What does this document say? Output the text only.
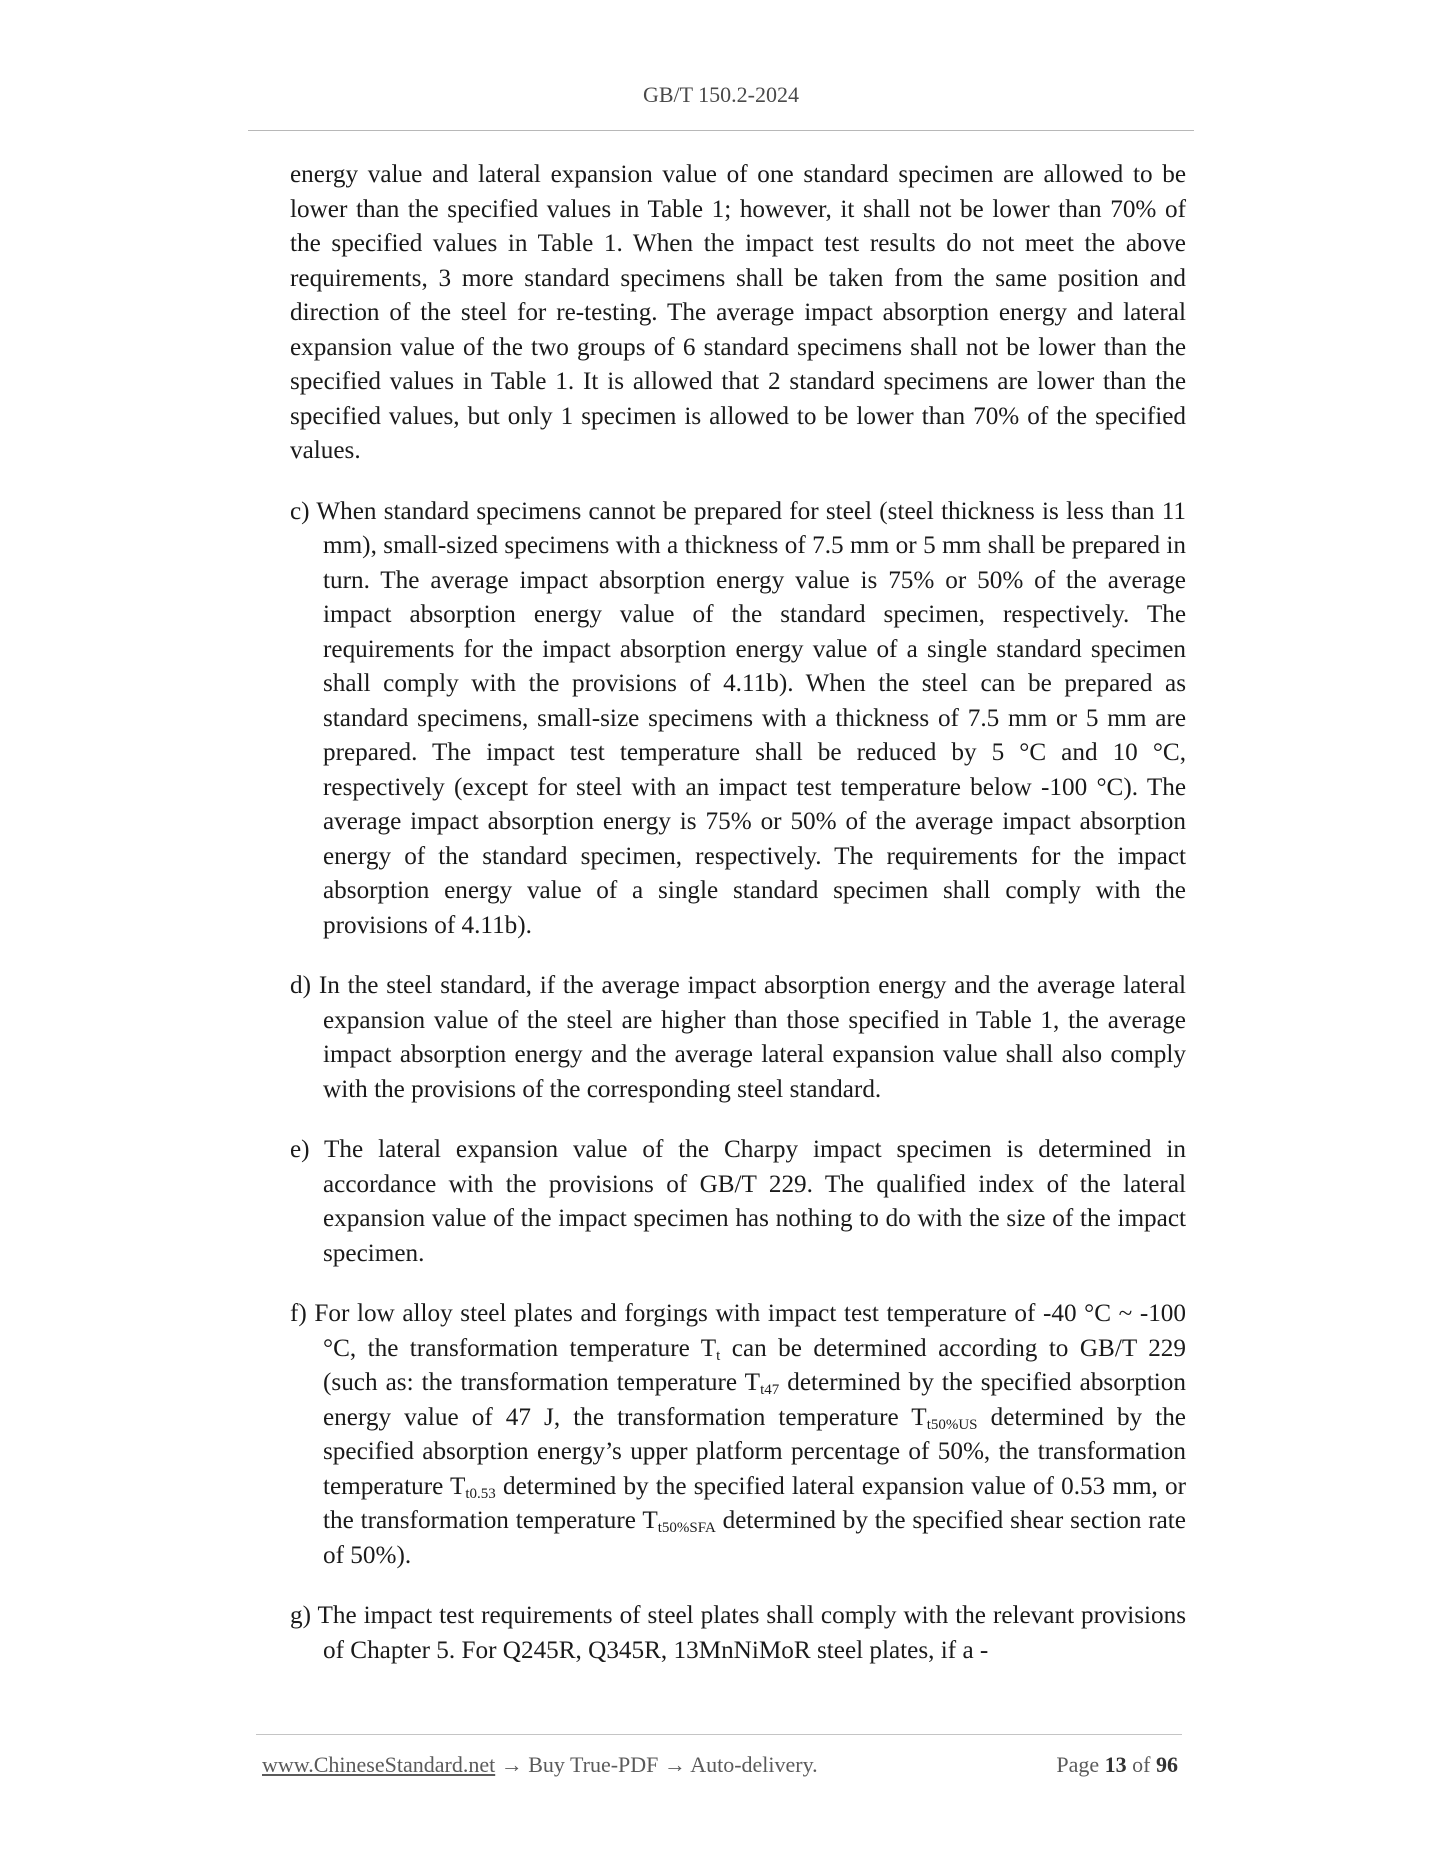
GB/T 150.2-2024

energy value and lateral expansion value of one standard specimen are allowed to be lower than the specified values in Table 1; however, it shall not be lower than 70% of the specified values in Table 1. When the impact test results do not meet the above requirements, 3 more standard specimens shall be taken from the same position and direction of the steel for re-testing. The average impact absorption energy and lateral expansion value of the two groups of 6 standard specimens shall not be lower than the specified values in Table 1. It is allowed that 2 standard specimens are lower than the specified values, but only 1 specimen is allowed to be lower than 70% of the specified values.

c) When standard specimens cannot be prepared for steel (steel thickness is less than 11 mm), small-sized specimens with a thickness of 7.5 mm or 5 mm shall be prepared in turn. The average impact absorption energy value is 75% or 50% of the average impact absorption energy value of the standard specimen, respectively. The requirements for the impact absorption energy value of a single standard specimen shall comply with the provisions of 4.11b). When the steel can be prepared as standard specimens, small-size specimens with a thickness of 7.5 mm or 5 mm are prepared. The impact test temperature shall be reduced by 5 °C and 10 °C, respectively (except for steel with an impact test temperature below -100 °C). The average impact absorption energy is 75% or 50% of the average impact absorption energy of the standard specimen, respectively. The requirements for the impact absorption energy value of a single standard specimen shall comply with the provisions of 4.11b).

d) In the steel standard, if the average impact absorption energy and the average lateral expansion value of the steel are higher than those specified in Table 1, the average impact absorption energy and the average lateral expansion value shall also comply with the provisions of the corresponding steel standard.

e) The lateral expansion value of the Charpy impact specimen is determined in accordance with the provisions of GB/T 229. The qualified index of the lateral expansion value of the impact specimen has nothing to do with the size of the impact specimen.

f) For low alloy steel plates and forgings with impact test temperature of -40 °C ~ -100 °C, the transformation temperature $T_t$ can be determined according to GB/T 229 (such as: the transformation temperature $T_{t47}$ determined by the specified absorption energy value of 47 J, the transformation temperature $T_{t50\%US}$ determined by the specified absorption energy’s upper platform percentage of 50%, the transformation temperature $T_{t0.53}$ determined by the specified lateral expansion value of 0.53 mm, or the transformation temperature $T_{t50\%SFA}$ determined by the specified shear section rate of 50%).

g) The impact test requirements of steel plates shall comply with the relevant provisions of Chapter 5. For Q245R, Q345R, 13MnNiMoR steel plates, if a -

www.ChineseStandard.net → Buy True-PDF → Auto-delivery.	Page 13 of 96
